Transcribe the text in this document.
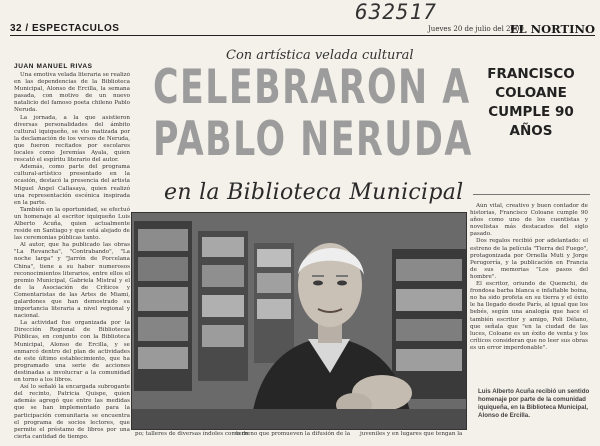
632517
32 / ESPECTACULOS	Jueves 20 de julio del 2000
EL NORTINO
Con artística velada cultural
CELEBRARON A
PABLO NERUDA
en la Biblioteca Municipal
JUAN MANUEL RIVAS

Una emotiva velada literaria se realizó en las dependencias de la Biblioteca Municipal, Alonso de Ercilla, la semana pasada, con motivo de un nuevo natalicio del famoso poeta chileno Pablo Neruda.

La jornada, a la que asistieron diversas personalidades del ámbito cultural iquiqueño, se vio matizada por la declamación de los versos de Neruda, que fueron recitados por escolares locales como Jeremías Ayala, quien rescató el espíritu literario del autor.

Además, como parte del programa cultural-artístico presentado en la ocasión, destacó la presencia del artista Miguel Ángel Callasaya, quien realizó una representación escénica inspirada en la parte.

También en la oportunidad, se efectuó un homenaje al escritor iquiqueño Luis Alberto Acuña, quien actualmente reside en Santiago y que está alejado de las ceremonias públicas tanto.

Al autor, que ha publicado las obras "La Revancha", "Contrabando", "La noche larga" y "Jarrón de Porcelana China", tiene a su haber numerosos reconocimientos literarios, entre ellos el premio Municipal, Gabriela Mistral y el de la Asociación de Críticos y Comentaristas de las Artes de Miami, galardones que han demostrado su importancia literaria a nivel regional y nacional.

La actividad fue organizada por la Dirección Regional de Bibliotecas Públicas, en conjunto con la Biblioteca Municipal, Alonso de Ercilla, y se enmarcó dentro del plan de actividades de este último establecimiento, que ha programado una serie de acciones destinadas a involucrar a la comunidad en torno a los libros.

Así lo señaló la encargada subrogante del recinto, Patricia Quispe, quien además agregó que entre las medidas que se han implementado para la participación comunitaria se encuentra el programa de socios lectores, que permite el préstamo de libros por una cierta cantidad de tiempo.

FRANCISCO
COLOANE
CUMPLE 90
AÑOS

Aún vital, creativo y buen contador de historias, Francisco Coloane cumple 90 años como uno de los cuentistas y novelistas más destacados del siglo pasado.

Dos regalos recibió por adelantado: el estreno de la película "Tierra del Fuego", protagonizada por Ornella Muti y Jorge Perugorría, y la publicación en Francia de sus memorias "Los pasos del hombre".

El escritor, oriundo de Quemchi, de frondosa barba blanca e infaltable boina, no ha sido profeta en su tierra y el éxito le ha llegado desde París, al igual que los bebés, según una analogía que hace el también escritor y amigo, Poli Délano, que señala que "en la ciudad de las luces, Coloane es un éxito de venta y los críticos consideran que no leer sus obras es un error imperdonable".

Luis Alberto Acuña recibió un sentido homenaje por parte de la comunidad iquiqueña, en la Biblioteca Municipal, Alonso de Ercilla.
po; talleres de diversas índoles como de
terreno que promueven la difusión de la juveniles y en lugares que tengan la
